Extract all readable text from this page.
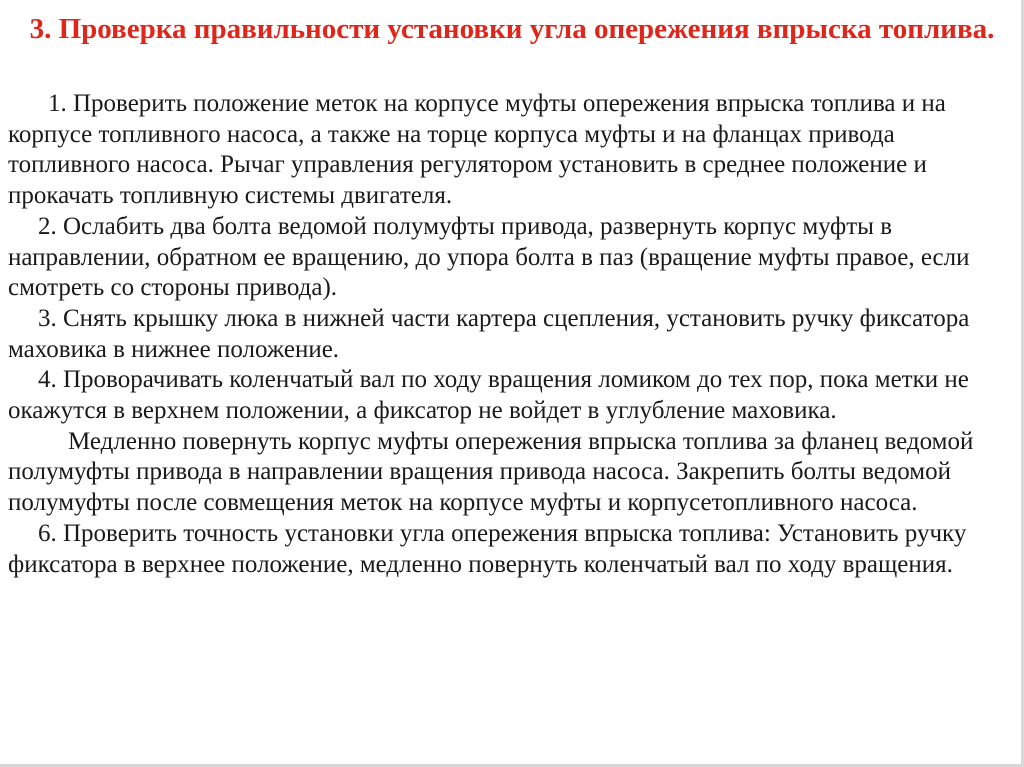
3. Проверка правильности установки угла опережения впрыска топлива.

1. Проверить положение меток на корпусе муфты опережения впрыска топлива и на корпусе топливного насоса, а также на торце корпуса муфты и на фланцах привода топливного насоса. Рычаг управления регулятором установить в среднее положение и прокачать топливную системы двигателя.

2. Ослабить два болта ведомой полумуфты привода, развернуть корпус муфты в направлении, обратном ее вращению, до упора болта в паз (вращение муфты правое, если смотреть со стороны привода).

3. Снять крышку люка в нижней части картера сцепления, установить ручку фиксатора маховика в нижнее положение.

4. Проворачивать коленчатый вал по ходу вращения ломиком до тех пор, пока метки не окажутся в верхнем положении, а фиксатор не войдет в углубление маховика.

Медленно повернуть корпус муфты опережения впрыска топлива за фланец ведомой полумуфты привода в направлении вращения привода насоса. Закрепить болты ведомой полумуфты после совмещения меток на корпусе муфты и корпусетопливного насоса.

6. Проверить точность установки угла опережения впрыска топлива: Установить ручку фиксатора в верхнее положение, медленно повернуть коленчатый вал по ходу вращения.
